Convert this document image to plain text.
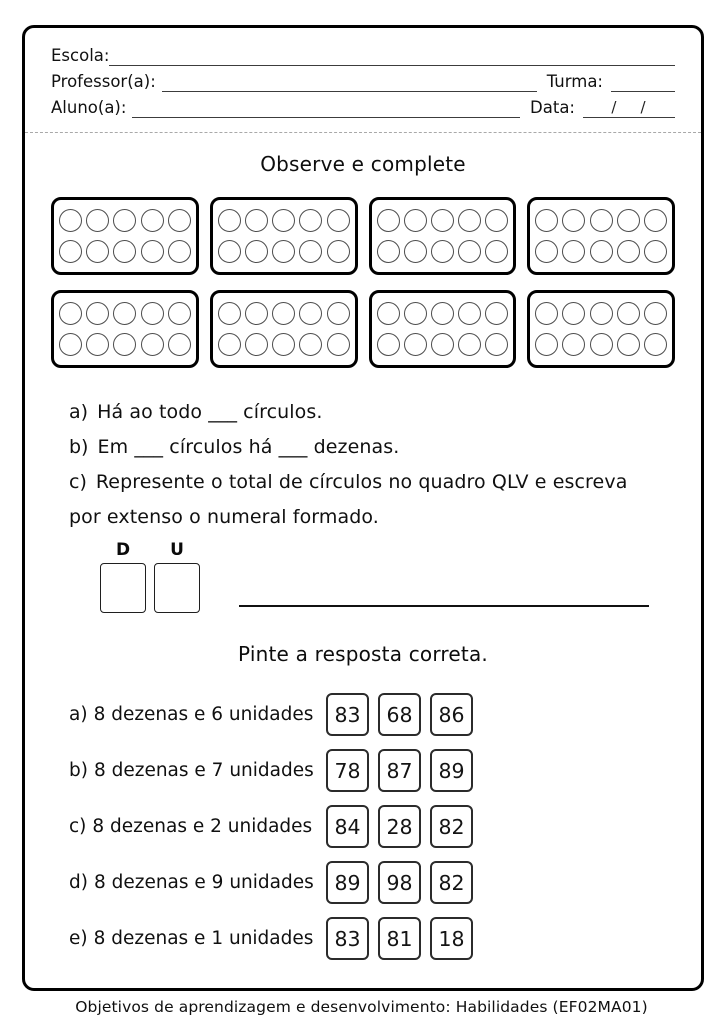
Escola:
Professor(a):	Turma:
Aluno(a):	Data:	/    /
Observe e complete
a) Há ao todo ___ círculos.
b) Em ___ círculos há ___ dezenas.
c) Represente o total de círculos no quadro QLV e escreva por extenso o numeral formado.
D	U
Pinte a resposta correta.
a) 8 dezenas e 6 unidades	83	68	86
b) 8 dezenas e 7 unidades	78	87	89
c) 8 dezenas e 2 unidades	84	28	82
d) 8 dezenas e 9 unidades	89	98	82
e) 8 dezenas e 1 unidades	83	81	18
Objetivos de aprendizagem e desenvolvimento: Habilidades (EF02MA01)
